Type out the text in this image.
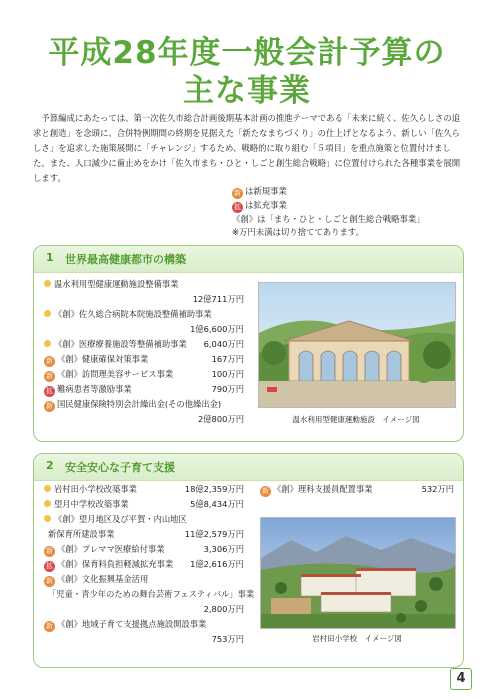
平成28年度一般会計予算の
主な事業
予算編成にあたっては、第一次佐久市総合計画後期基本計画の推進テーマである「未来に続く、佐久らしさの追求と創造」を念頭に、合併特例期間の終期を見据えた「新たなまちづくり」の仕上げとなるよう、新しい「佐久らしさ」を追求した施策展開に「チャレンジ」するため、戦略的に取り組む「５項目」を重点施策と位置付けました。また、人口減少に歯止めをかけ「佐久市まち・ひと・しごと創生総合戦略」に位置付けられた各種事業を展開します。
新 は新規事業
拡 は拡充事業
《創》は「まち・ひと・しごと創生総合戦略事業」
※万円未満は切り捨ててあります。
1 世界最高健康都市の構築
温水利用型健康運動施設整備事業
12億711万円
《創》佐久総合病院本院施設整備補助事業
1億6,600万円
《創》医療療養施設等整備補助事業 6,040万円
新 《創》健康確保対策事業	167万円
新 《創》訪問理美容サービス事業	100万円
拡 難病患者等激励事業	790万円
新 国民健康保険特別会計繰出金(その他繰出金)
2億800万円	温水利用型健康運動施設　イメージ図
2 安全安心な子育て支援
岩村田小学校改築事業	18億2,359万円
望月中学校改築事業	5億8,434万円
《創》望月地区及び平賀・内山地区
新保育所建設事業	11億2,579万円
新 《創》プレママ医療給付事業	3,306万円
拡 《創》保育料負担軽減拡充事業 1億2,616万円
新 《創》文化振興基金活用
「児童・青少年のための舞台芸術フェスティバル」事業
2,800万円
新 《創》地域子育て支援拠点施設開設事業
753万円
新 《創》理科支援員配置事業	532万円
岩村田小学校　イメージ図
4
